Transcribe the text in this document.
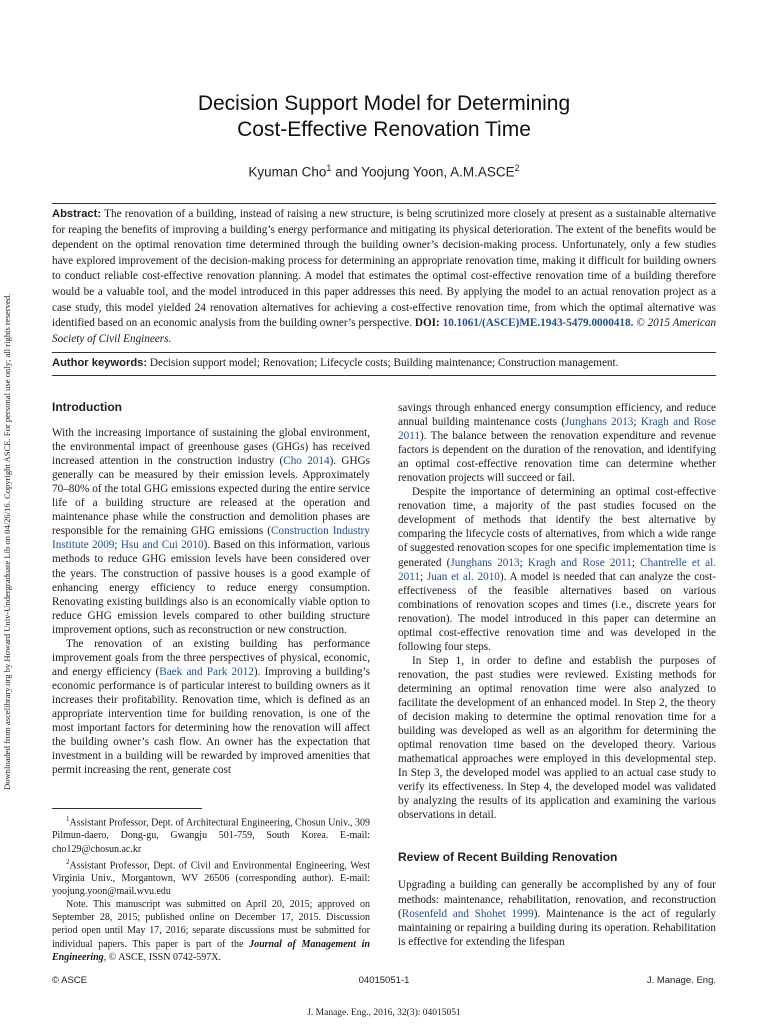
Downloaded from ascelibrary.org by Howard Univ-Undergraduate Lib on 04/26/16. Copyright ASCE. For personal use only; all rights reserved.
Decision Support Model for Determining
Cost-Effective Renovation Time
Kyuman Cho$^1$ and Yoojung Yoon, A.M.ASCE$^2$
Abstract: The renovation of a building, instead of raising a new structure, is being scrutinized more closely at present as a sustainable alternative for reaping the benefits of improving a building’s energy performance and mitigating its physical deterioration. The extent of the benefits would be dependent on the optimal renovation time determined through the building owner’s decision-making process. Unfortunately, only a few studies have explored improvement of the decision-making process for determining an appropriate renovation time, making it difficult for building owners to conduct reliable cost-effective renovation planning. A model that estimates the optimal cost-effective renovation time of a building therefore would be a valuable tool, and the model introduced in this paper addresses this need. By applying the model to an actual renovation project as a case study, this model yielded 24 renovation alternatives for achieving a cost-effective renovation time, from which the optimal alternative was identified based on an economic analysis from the building owner’s perspective. DOI: 10.1061/(ASCE)ME.1943-5479.0000418. © 2015 American Society of Civil Engineers.
Author keywords: Decision support model; Renovation; Lifecycle costs; Building maintenance; Construction management.
Introduction

With the increasing importance of sustaining the global environment, the environmental impact of greenhouse gases (GHGs) has received increased attention in the construction industry (Cho 2014). GHGs generally can be measured by their emission levels. Approximately 70–80% of the total GHG emissions expected during the entire service life of a building structure are released at the operation and maintenance phase while the construction and demolition phases are responsible for the remaining GHG emissions (Construction Industry Institute 2009; Hsu and Cui 2010). Based on this information, various methods to reduce GHG emission levels have been considered over the years. The construction of passive houses is a good example of enhancing energy efficiency to reduce energy consumption. Renovating existing buildings also is an economically viable option to reduce GHG emission levels compared to other building structure improvement options, such as reconstruction or new construction.

The renovation of an existing building has performance improvement goals from the three perspectives of physical, economic, and energy efficiency (Baek and Park 2012). Improving a building’s economic performance is of particular interest to building owners as it increases their profitability. Renovation time, which is defined as an appropriate intervention time for building renovation, is one of the most important factors for determining how the renovation will affect the building owner’s cash flow. An owner has the expectation that investment in a building will be rewarded by improved amenities that permit increasing the rent, generate cost

$^1$Assistant Professor, Dept. of Architectural Engineering, Chosun Univ., 309 Pilmun-daero, Dong-gu, Gwangju 501-759, South Korea. E-mail: cho129@chosun.ac.kr

$^2$Assistant Professor, Dept. of Civil and Environmental Engineering, West Virginia Univ., Morgantown, WV 26506 (corresponding author). E-mail: yoojung.yoon@mail.wvu.edu

Note. This manuscript was submitted on April 20, 2015; approved on September 28, 2015; published online on December 17, 2015. Discussion period open until May 17, 2016; separate discussions must be submitted for individual papers. This paper is part of the Journal of Management in Engineering, © ASCE, ISSN 0742-597X.

savings through enhanced energy consumption efficiency, and reduce annual building maintenance costs (Junghans 2013; Kragh and Rose 2011). The balance between the renovation expenditure and revenue factors is dependent on the duration of the renovation, and identifying an optimal cost-effective renovation time can determine whether renovation projects will succeed or fail.

Despite the importance of determining an optimal cost-effective renovation time, a majority of the past studies focused on the development of methods that identify the best alternative by comparing the lifecycle costs of alternatives, from which a wide range of suggested renovation scopes for one specific implementation time is generated (Junghans 2013; Kragh and Rose 2011; Chantrelle et al. 2011; Juan et al. 2010). A model is needed that can analyze the cost-effectiveness of the feasible alternatives based on various combinations of renovation scopes and times (i.e., discrete years for renovation). The model introduced in this paper can determine an optimal cost-effective renovation time and was developed in the following four steps.

In Step 1, in order to define and establish the purposes of renovation, the past studies were reviewed. Existing methods for determining an optimal renovation time were also analyzed to facilitate the development of an enhanced model. In Step 2, the theory of decision making to determine the optimal renovation time for a building was developed as well as an algorithm for determining the optimal renovation time based on the developed theory. Various mathematical approaches were employed in this developmental step. In Step 3, the developed model was applied to an actual case study to verify its effectiveness. In Step 4, the developed model was validated by analyzing the results of its application and examining the various observations in detail.

Review of Recent Building Renovation

Upgrading a building can generally be accomplished by any of four methods: maintenance, rehabilitation, renovation, and reconstruction (Rosenfeld and Shohet 1999). Maintenance is the act of regularly maintaining or repairing a building during its operation. Rehabilitation is effective for extending the lifespan

© ASCE	04015051-1	J. Manage. Eng.
J. Manage. Eng., 2016, 32(3): 04015051
